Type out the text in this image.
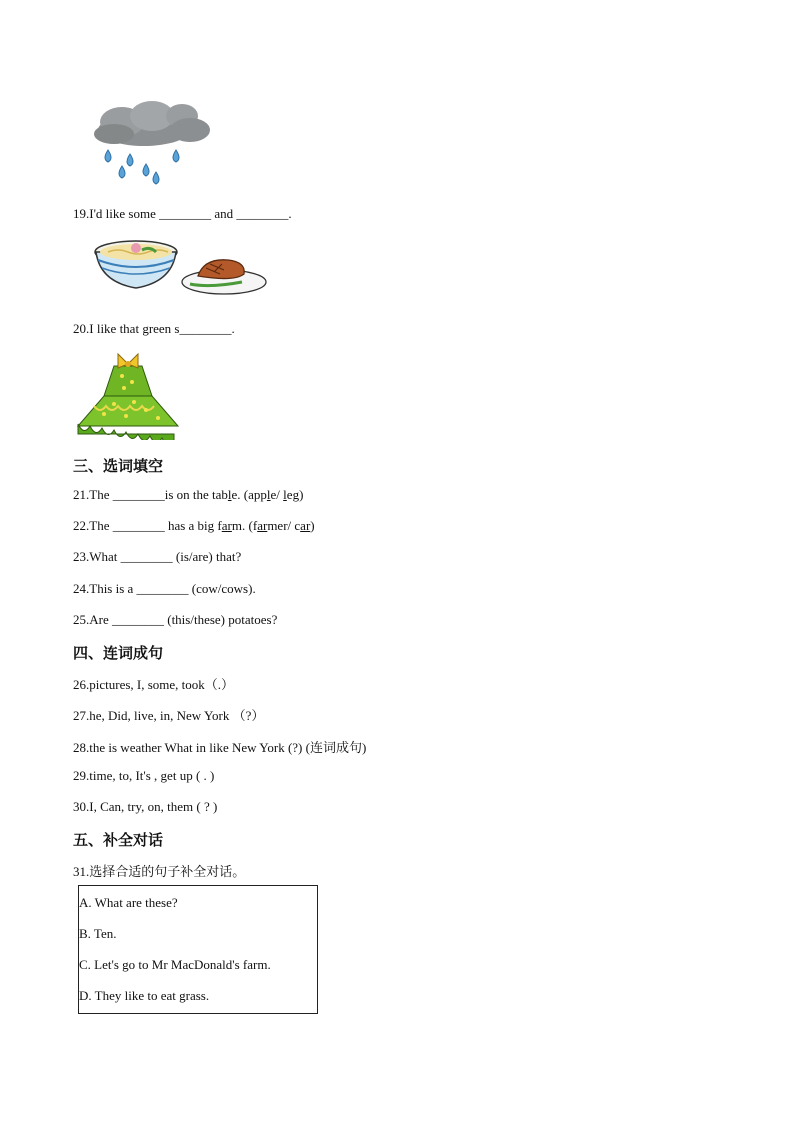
19.I'd like some ________ and ________.
20.I like that green s________.
三、选词填空
21.The ________is on the table. (apple/ leg)
22.The ________ has a big farm. (farmer/ car)
23.What ________ (is/are) that?
24.This is a ________ (cow/cows).
25.Are ________ (this/these) potatoes?
四、连词成句
26.pictures, I, some, took（.）
27.he, Did, live, in, New York （?）
28.the is weather What in like New York (?) (连词成句)
29.time, to, It's , get up ( . )
30.I, Can, try, on, them ( ? )
五、补全对话
31.选择合适的句子补全对话。
A. What are these?
B. Ten.
C. Let's go to Mr MacDonald's farm.
D. They like to eat grass.
